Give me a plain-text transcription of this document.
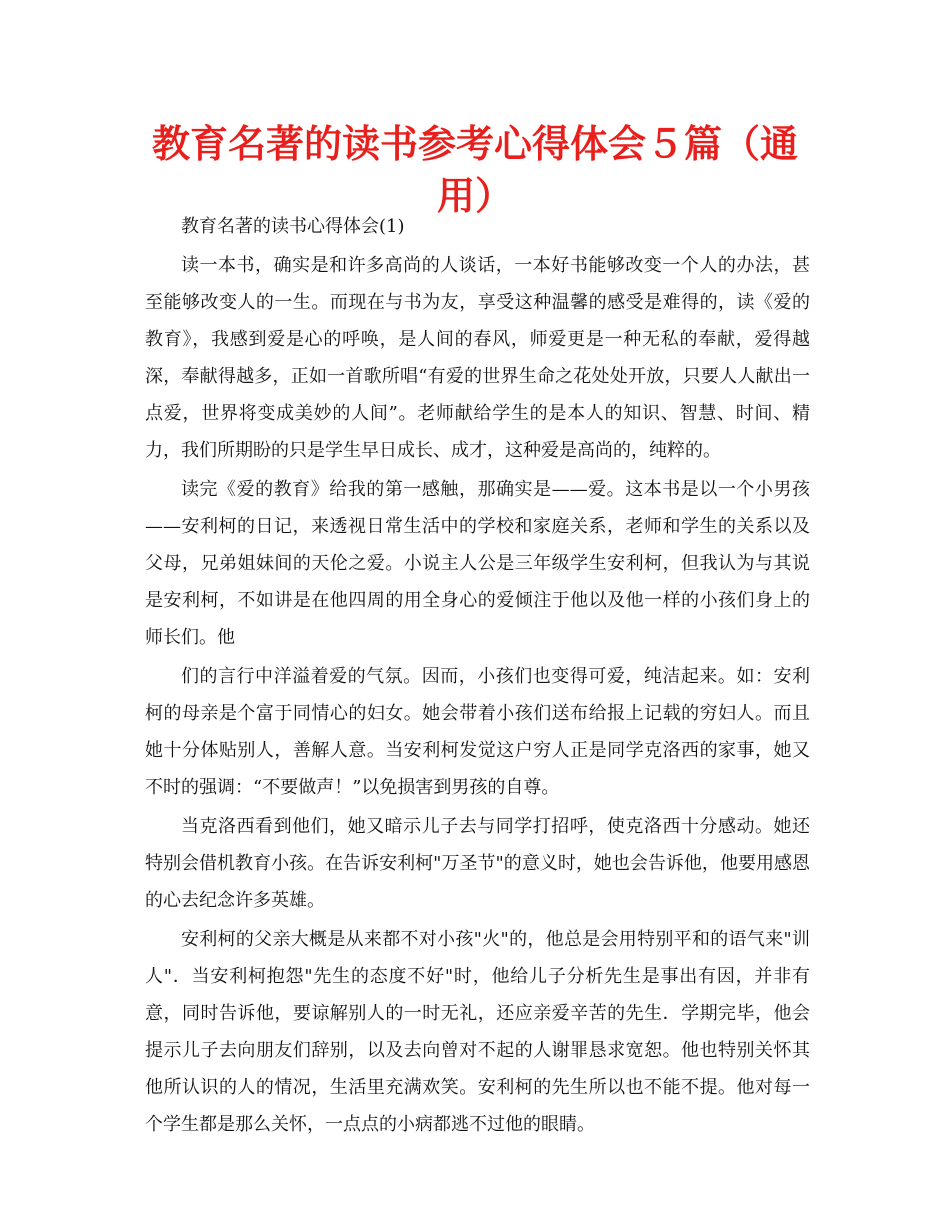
教育名著的读书参考心得体会５篇（通用）

教育名著的读书心得体会(1)

读一本书，确实是和许多高尚的人谈话，一本好书能够改变一个人的办法，甚至能够改变人的一生。而现在与书为友，享受这种温馨的感受是难得的，读《爱的教育》，我感到爱是心的呼唤，是人间的春风，师爱更是一种无私的奉献，爱得越深，奉献得越多，正如一首歌所唱“有爱的世界生命之花处处开放，只要人人献出一点爱，世界将变成美妙的人间”。老师献给学生的是本人的知识、智慧、时间、精力，我们所期盼的只是学生早日成长、成才，这种爱是高尚的，纯粹的。

读完《爱的教育》给我的第一感触，那确实是——爱。这本书是以一个小男孩——安利柯的日记，来透视日常生活中的学校和家庭关系，老师和学生的关系以及父母，兄弟姐妹间的天伦之爱。小说主人公是三年级学生安利柯，但我认为与其说是安利柯，不如讲是在他四周的用全身心的爱倾注于他以及他一样的小孩们身上的师长们。他

们的言行中洋溢着爱的气氛。因而，小孩们也变得可爱，纯洁起来。如：安利柯的母亲是个富于同情心的妇女。她会带着小孩们送布给报上记载的穷妇人。而且她十分体贴别人，善解人意。当安利柯发觉这户穷人正是同学克洛西的家事，她又不时的强调：“不要做声！”以免损害到男孩的自尊。

当克洛西看到他们，她又暗示儿子去与同学打招呼，使克洛西十分感动。她还特别会借机教育小孩。在告诉安利柯"万圣节"的意义时，她也会告诉他，他要用感恩的心去纪念许多英雄。

安利柯的父亲大概是从来都不对小孩"火"的，他总是会用特别平和的语气来"训人"．当安利柯抱怨"先生的态度不好"时，他给儿子分析先生是事出有因，并非有意，同时告诉他，要谅解别人的一时无礼，还应亲爱辛苦的先生．学期完毕，他会提示儿子去向朋友们辞别，以及去向曾对不起的人谢罪恳求宽恕。他也特别关怀其他所认识的人的情况，生活里充满欢笑。安利柯的先生所以也不能不提。他对每一个学生都是那么关怀，一点点的小病都逃不过他的眼睛。
